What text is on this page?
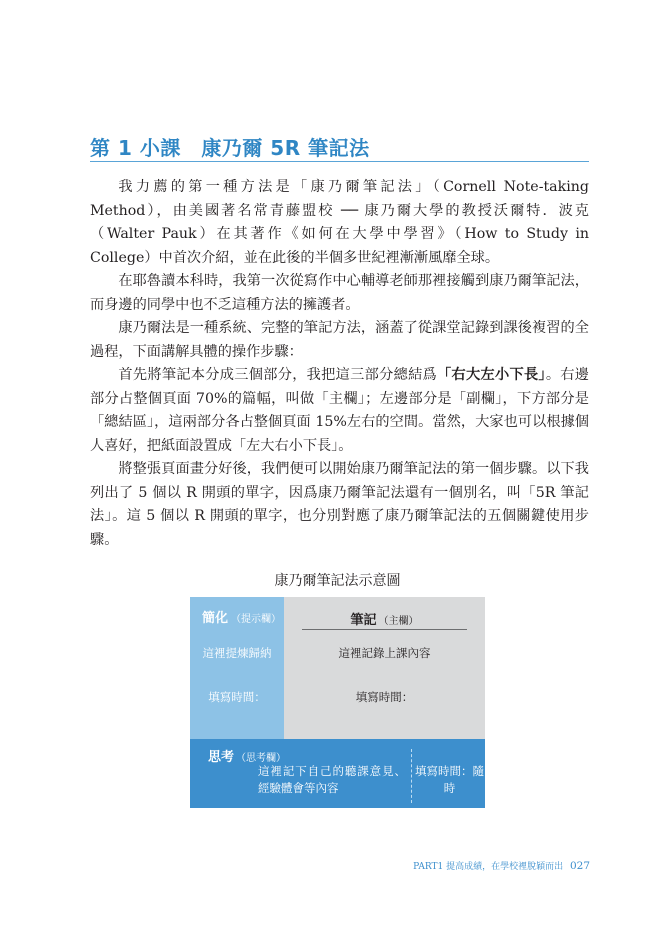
第 1 小課　康乃爾 5R 筆記法

我力薦的第一種方法是「康乃爾筆記法」（Cornell Note-taking Method），由美國著名常青藤盟校 ── 康乃爾大學的教授沃爾特．波克（Walter Pauk）在其著作《如何在大學中學習》（How to Study in College）中首次介紹，並在此後的半個多世紀裡漸漸風靡全球。

在耶魯讀本科時，我第一次從寫作中心輔導老師那裡接觸到康乃爾筆記法，而身邊的同學中也不乏這種方法的擁護者。

康乃爾法是一種系統、完整的筆記方法，涵蓋了從課堂記錄到課後複習的全過程，下面講解具體的操作步驟：

首先將筆記本分成三個部分，我把這三部分總結爲「右大左小下長」。右邊部分占整個頁面 70%的篇幅，叫做「主欄」；左邊部分是「副欄」，下方部分是「總結區」，這兩部分各占整個頁面 15%左右的空間。當然，大家也可以根據個人喜好，把紙面設置成「左大右小下長」。

將整張頁面畫分好後，我們便可以開始康乃爾筆記法的第一個步驟。以下我列出了 5 個以 R 開頭的單字，因爲康乃爾筆記法還有一個別名，叫「5R 筆記法」。這 5 個以 R 開頭的單字，也分別對應了康乃爾筆記法的五個關鍵使用步驟。

康乃爾筆記法示意圖
簡化 （提示欄）
這裡提煉歸納
填寫時間：
筆記 （主欄）
這裡記錄上課內容
填寫時間：
思考 （思考欄）
這裡記下自己的聽課意見、經驗體會等內容
填寫時間：隨時
PART1 提高成績，在學校裡脫穎而出 027
